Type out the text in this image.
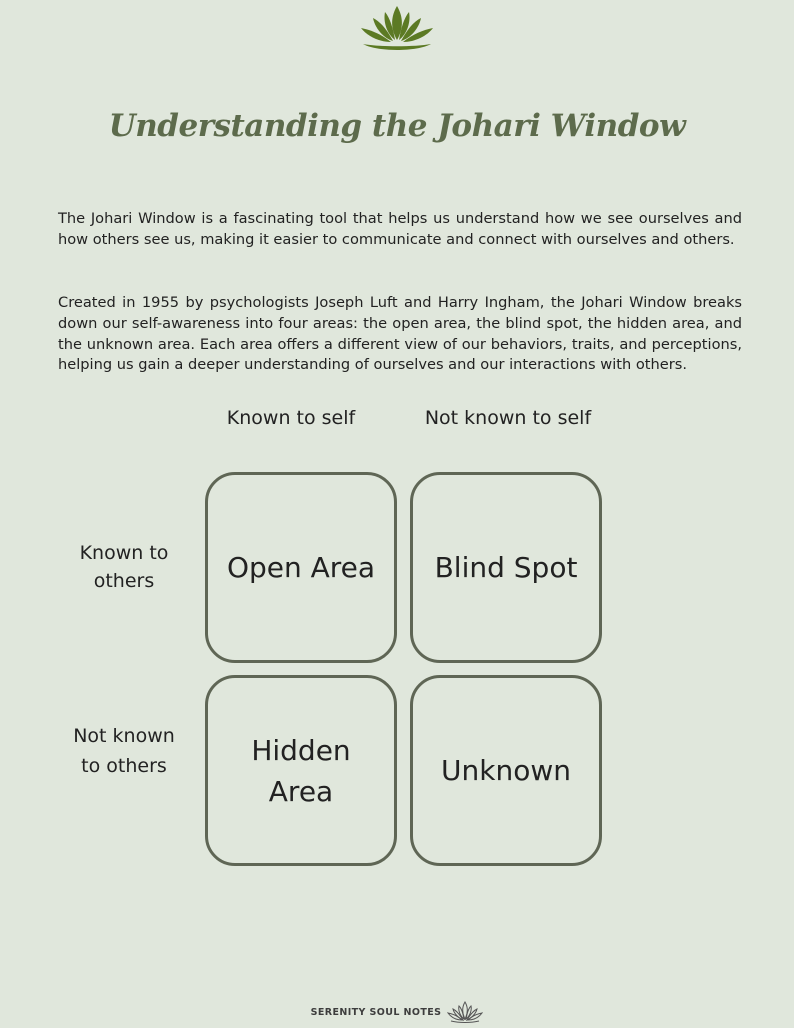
Understanding the Johari Window
The Johari Window is a fascinating tool that helps us understand how we see ourselves and how others see us, making it easier to communicate and connect with ourselves and others.
Created in 1955 by psychologists Joseph Luft and Harry Ingham, the Johari Window breaks down our self-awareness into four areas: the open area, the blind spot, the hidden area, and the unknown area. Each area offers a different view of our behaviors, traits, and perceptions, helping us gain a deeper understanding of ourselves and our interactions with others.
Known to self	Not known to self
Known to others
Not known to others
Open Area	Blind Spot
Hidden Area
Unknown
SERENITY SOUL NOTES
